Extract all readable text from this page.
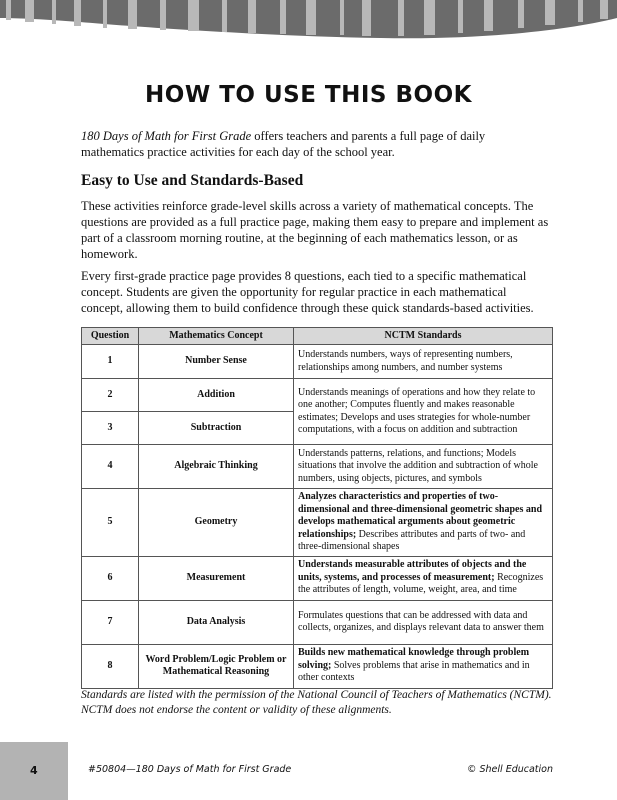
HOW TO USE THIS BOOK

180 Days of Math for First Grade offers teachers and parents a full page of daily mathematics practice activities for each day of the school year.

Easy to Use and Standards-Based

These activities reinforce grade-level skills across a variety of mathematical concepts. The questions are provided as a full practice page, making them easy to prepare and implement as part of a classroom morning routine, at the beginning of each mathematics lesson, or as homework.

Every first-grade practice page provides 8 questions, each tied to a specific mathematical concept. Students are given the opportunity for regular practice in each mathematical concept, allowing them to build confidence through these quick standards-based activities.

Question	Mathematics Concept	NCTM Standards
1	Number Sense	Understands numbers, ways of representing numbers, relationships among numbers, and number systems
2	Addition	Understands meanings of operations and how they relate to one another; Computes fluently and makes reasonable estimates; Develops and uses strategies for whole-number computations, with a focus on addition and subtraction
3	Subtraction	
4	Algebraic Thinking	Understands patterns, relations, and functions; Models situations that involve the addition and subtraction of whole numbers, using objects, pictures, and symbols
5	Geometry	Analyzes characteristics and properties of two-dimensional and three-dimensional geometric shapes and develops mathematical arguments about geometric relationships; Describes attributes and parts of two- and three-dimensional shapes
6	Measurement	Understands measurable attributes of objects and the units, systems, and processes of measurement; Recognizes the attributes of length, volume, weight, area, and time
7	Data Analysis	Formulates questions that can be addressed with data and collects, organizes, and displays relevant data to answer them
8	Word Problem/Logic Problem or Mathematical Reasoning	Builds new mathematical knowledge through problem solving; Solves problems that arise in mathematics and in other contexts

Standards are listed with the permission of the National Council of Teachers of Mathematics (NCTM). NCTM does not endorse the content or validity of these alignments.

4	#50804—180 Days of Math for First Grade	© Shell Education
